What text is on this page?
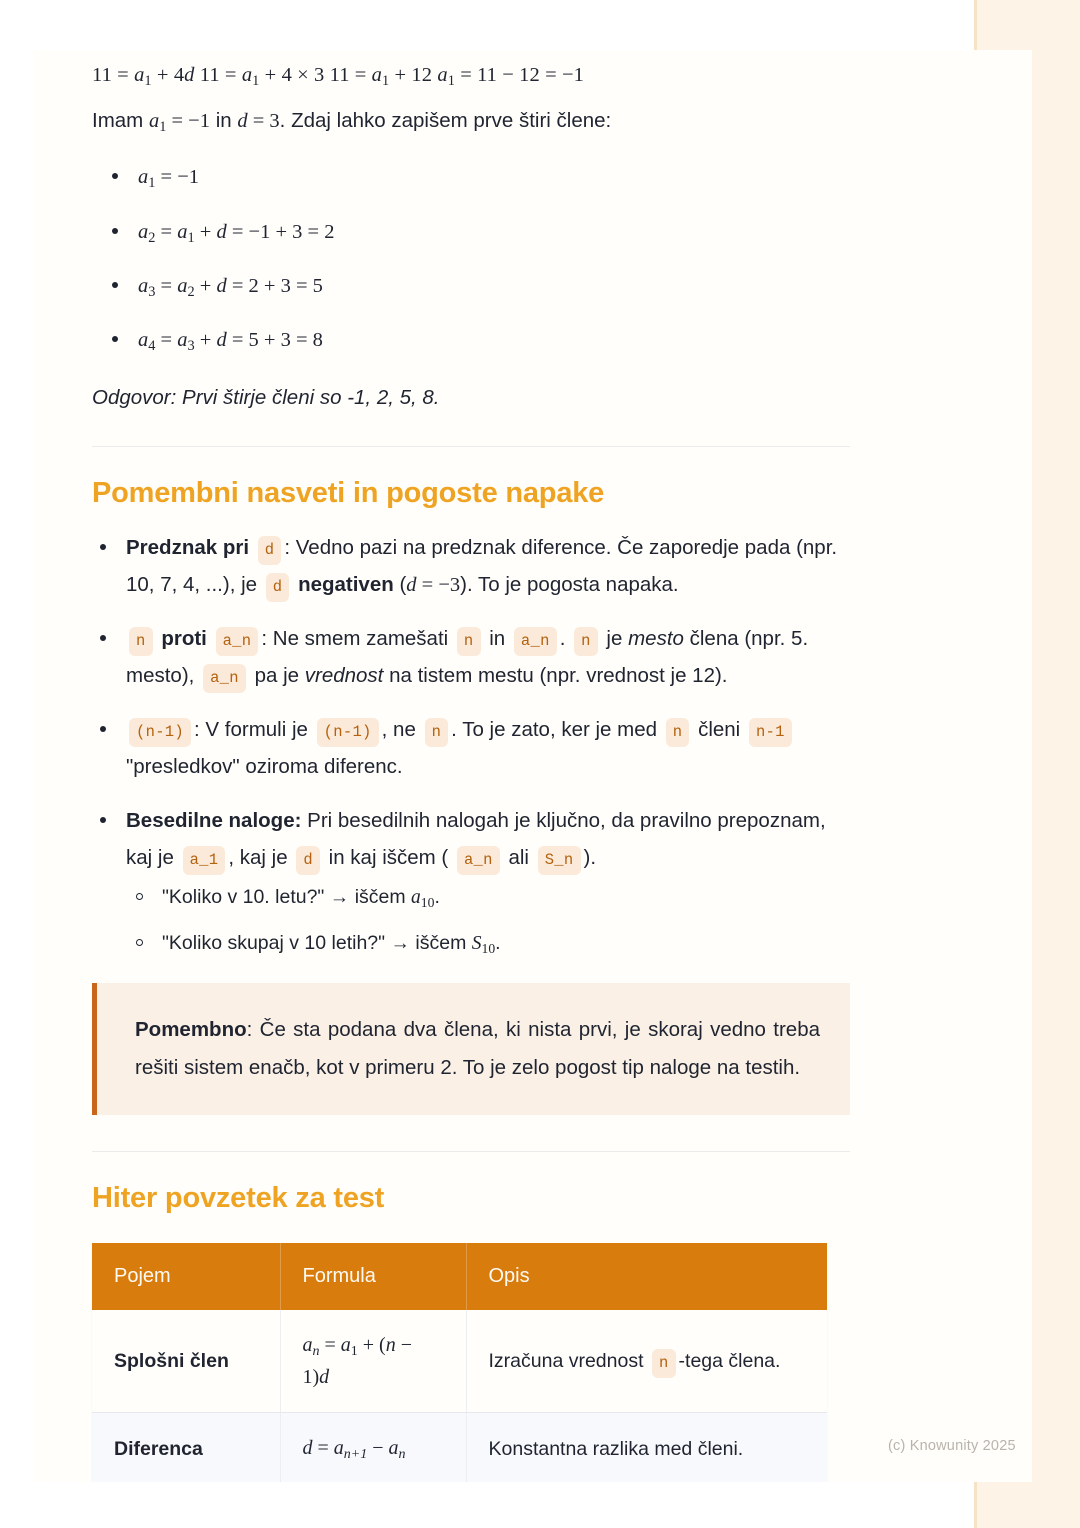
11 = a1 + 4d 11 = a1 + 4 × 3 11 = a1 + 12 a1 = 11 − 12 = −1

Imam a1 = −1 in d = 3. Zdaj lahko zapišem prve štiri člene:

a1 = −1
a2 = a1 + d = −1 + 3 = 2
a3 = a2 + d = 2 + 3 = 5
a4 = a3 + d = 5 + 3 = 8

Odgovor: Prvi štirje členi so -1, 2, 5, 8.

Pomembni nasveti in pogoste napake
Predznak pri d : Vedno pazi na predznak diference. Če zaporedje pada (npr. 10, 7, 4, ...), je d negativen (d = −3). To je pogosta napaka.
n proti a_n : Ne smem zamešati n in a_n . n je mesto člena (npr. 5. mesto), a_n pa je vrednost na tistem mestu (npr. vrednost je 12).
(n-1) : V formuli je (n-1) , ne n . To je zato, ker je med n členi n-1 "presledkov" oziroma diferenc.
Besedilne naloge: Pri besedilnih nalogah je ključno, da pravilno prepoznam, kaj je a_1 , kaj je d in kaj iščem ( a_n ali S_n ).
"Koliko v 10. letu?" → iščem a10.
"Koliko skupaj v 10 letih?" → iščem S10.

Pomembno: Če sta podana dva člena, ki nista prvi, je skoraj vedno treba rešiti sistem enačb, kot v primeru 2. To je zelo pogost tip naloge na testih.

Hiter povzetek za test
Pojem	Formula	Opis
Splošni člen	an = a1 + (n − 1)d	Izračuna vrednost n -tega člena.
Diferenca	d = an+1 − an	Konstantna razlika med členi.
			(c) Knowunity 2025
